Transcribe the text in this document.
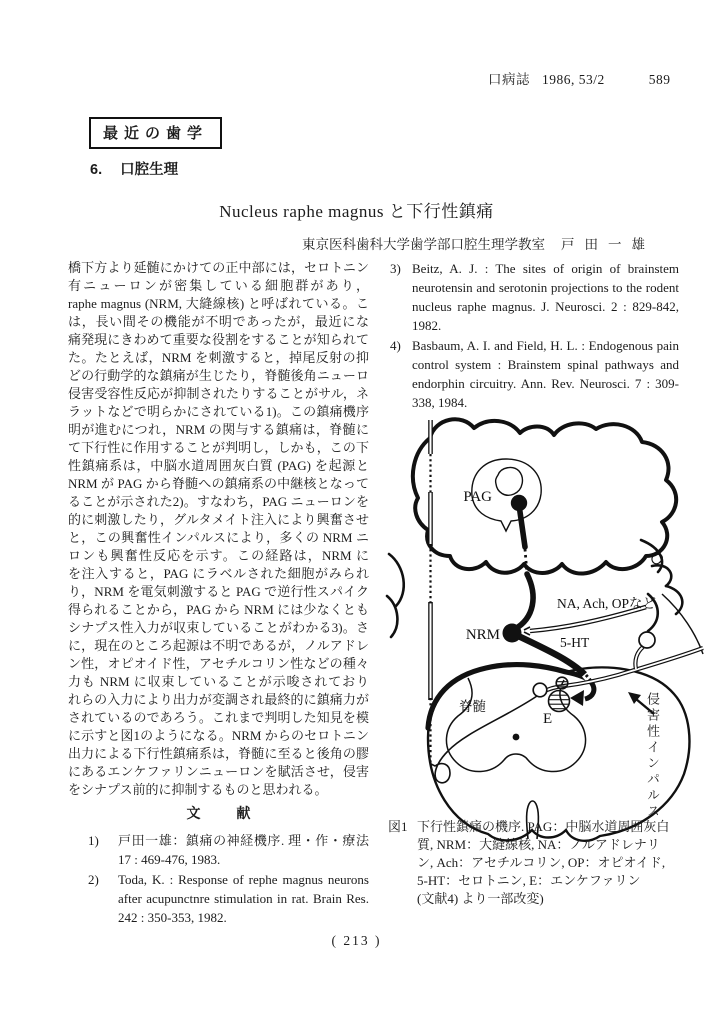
口病誌 1986, 53/2	589
最近の歯学
6. 口腔生理
Nucleus raphe magnus と下行性鎮痛
東京医科歯科大学歯学部口腔生理学教室 戸田一雄
橋下方より延髄にかけての正中部には，セロトニン
有ニューロンが密集している細胞群があり，
raphe magnus (NRM, 大縫線核) と呼ばれている。こ
は，長い間その機能が不明であったが，最近にな
痛発現にきわめて重要な役割をすることが知られて
た。たとえば，NRM を刺激すると，掉尾反射の抑
どの行動学的な鎮痛が生じたり，脊髄後角ニューロ
侵害受容性反応が抑制されたりすることがサル，ネ
ラットなどで明らかにされている1)。この鎮痛機序
明が進むにつれ，NRM の関与する鎮痛は，脊髄に
て下行性に作用することが判明し，しかも，この下
性鎮痛系は，中脳水道周囲灰白質 (PAG) を起源と
NRM が PAG から脊髄への鎮痛系の中継核となって
ることが示された2)。すなわち，PAG ニューロンを
的に刺激したり，グルタメイト注入により興奮させ
と，この興奮性インパルスにより，多くの NRM ニ
ロンも興奮性反応を示す。この経路は，NRM に
を注入すると，PAG にラベルされた細胞がみられ
り，NRM を電気刺激すると PAG で逆行性スパイク
得られることから，PAG から NRM には少なくとも
シナプス性入力が収束していることがわかる3)。さ
に，現在のところ起源は不明であるが，ノルアドレ
ン性，オピオイド性，アセチルコリン性などの種々
力も NRM に収束していることが示唆されており
れらの入力により出力が変調され最終的に鎮痛力が
されているのであろう。これまで判明した知見を模
に示すと図1のようになる。NRM からのセロトニン
出力による下行性鎮痛系は，脊髄に至ると後角の膠
にあるエンケファリンニューロンを賦活させ，侵害
をシナプス前的に抑制するものと思われる。
文 献
1) 戸田一雄：鎮痛の神経機序. 理・作・療法 17 : 469-476, 1983.
2) Toda, K. : Response of rephe magnus neurons after acupunctnre stimulation in rat. Brain Res. 242 : 350-353, 1982.
3) Beitz, A. J. : The sites of origin of brainstem neurotensin and serotonin projections to the rodent nucleus raphe magnus. J. Neurosci. 2 : 829-842, 1982.
4) Basbaum, A. I. and Field, H. L. : Endogenous pain control system : Brainstem spinal pathways and endorphin circuitry. Ann. Rev. Neurosci. 7 : 309-338, 1984.
PAG
NRM
NA, Ach, OPなど
5-HT
脊髄
E	侵害性インパルス
図1 下行性鎮痛の機序. PAG：中脳水道周囲灰白
質, NRM：大縫線核, NA：ノルアドレナリ
ン, Ach：アセチルコリン, OP：オピオイド,
5-HT：セロトニン, E：エンケファリン
(文献4) より一部改変)
( 213 )
